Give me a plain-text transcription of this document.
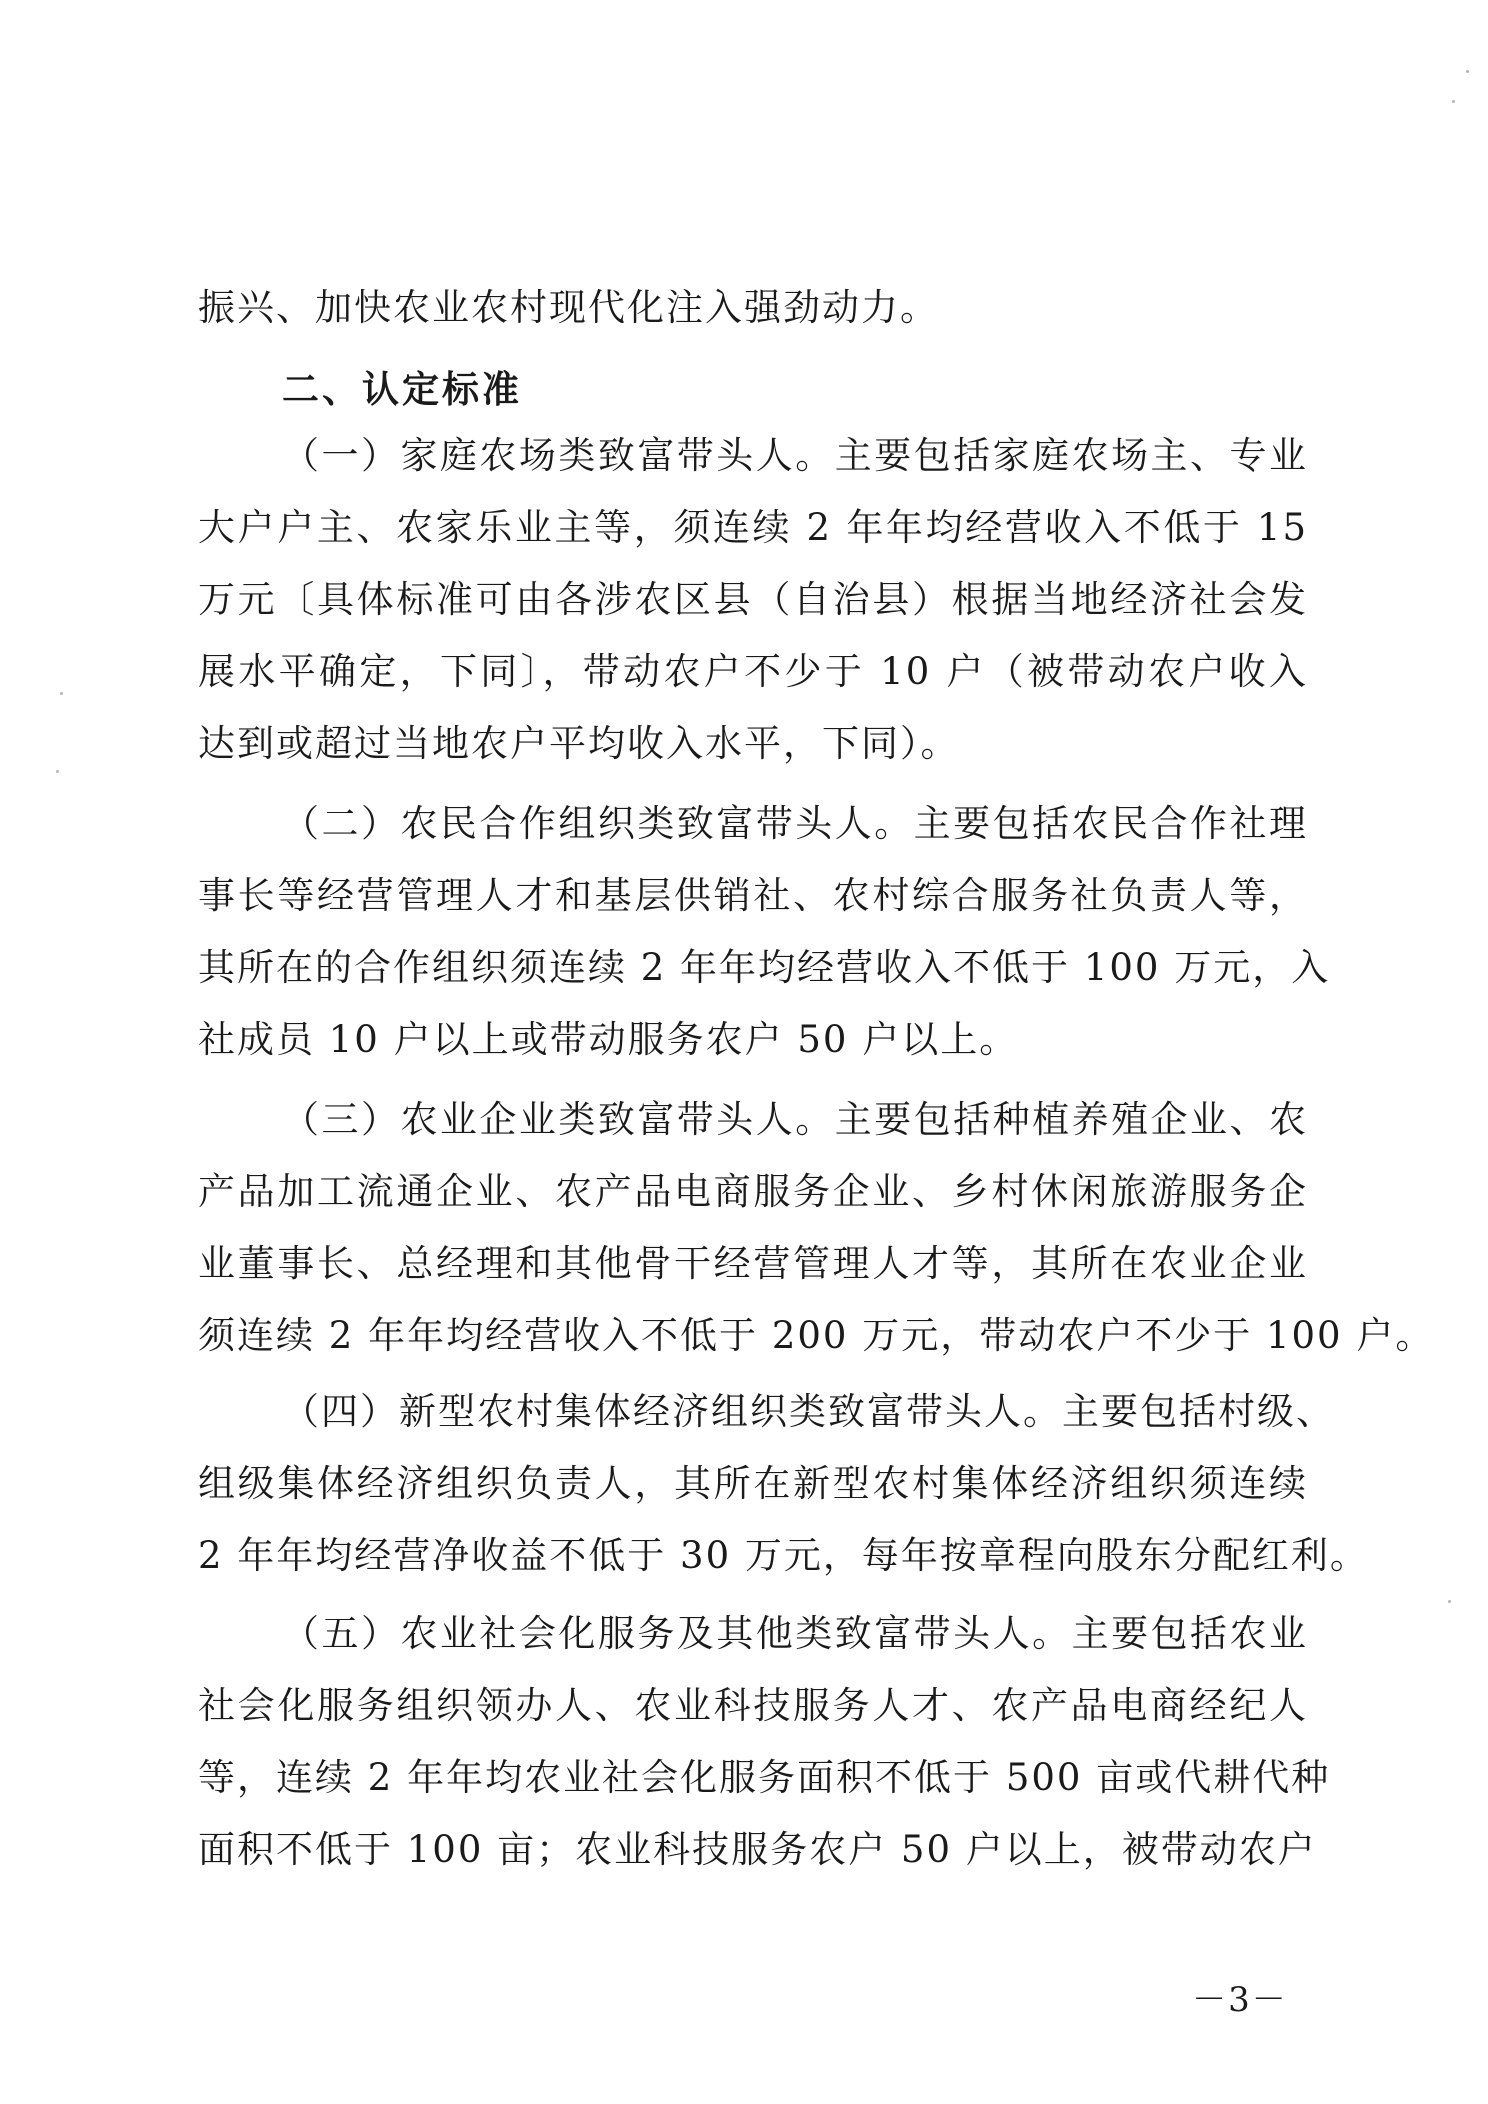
振兴、加快农业农村现代化注入强劲动力。
二、认定标准
（一）家庭农场类致富带头人。主要包括家庭农场主、专业
大户户主、农家乐业主等，须连续 2 年年均经营收入不低于 15
万元〔具体标准可由各涉农区县（自治县）根据当地经济社会发
展水平确定，下同〕，带动农户不少于 10 户（被带动农户收入
达到或超过当地农户平均收入水平，下同）。
（二）农民合作组织类致富带头人。主要包括农民合作社理
事长等经营管理人才和基层供销社、农村综合服务社负责人等，
其所在的合作组织须连续 2 年年均经营收入不低于 100 万元，入
社成员 10 户以上或带动服务农户 50 户以上。
（三）农业企业类致富带头人。主要包括种植养殖企业、农
产品加工流通企业、农产品电商服务企业、乡村休闲旅游服务企
业董事长、总经理和其他骨干经营管理人才等，其所在农业企业
须连续 2 年年均经营收入不低于 200 万元，带动农户不少于 100 户。
（四）新型农村集体经济组织类致富带头人。主要包括村级、
组级集体经济组织负责人，其所在新型农村集体经济组织须连续
2 年年均经营净收益不低于 30 万元，每年按章程向股东分配红利。
（五）农业社会化服务及其他类致富带头人。主要包括农业
社会化服务组织领办人、农业科技服务人才、农产品电商经纪人
等，连续 2 年年均农业社会化服务面积不低于 500 亩或代耕代种
面积不低于 100 亩；农业科技服务农户 50 户以上，被带动农户
－3－
